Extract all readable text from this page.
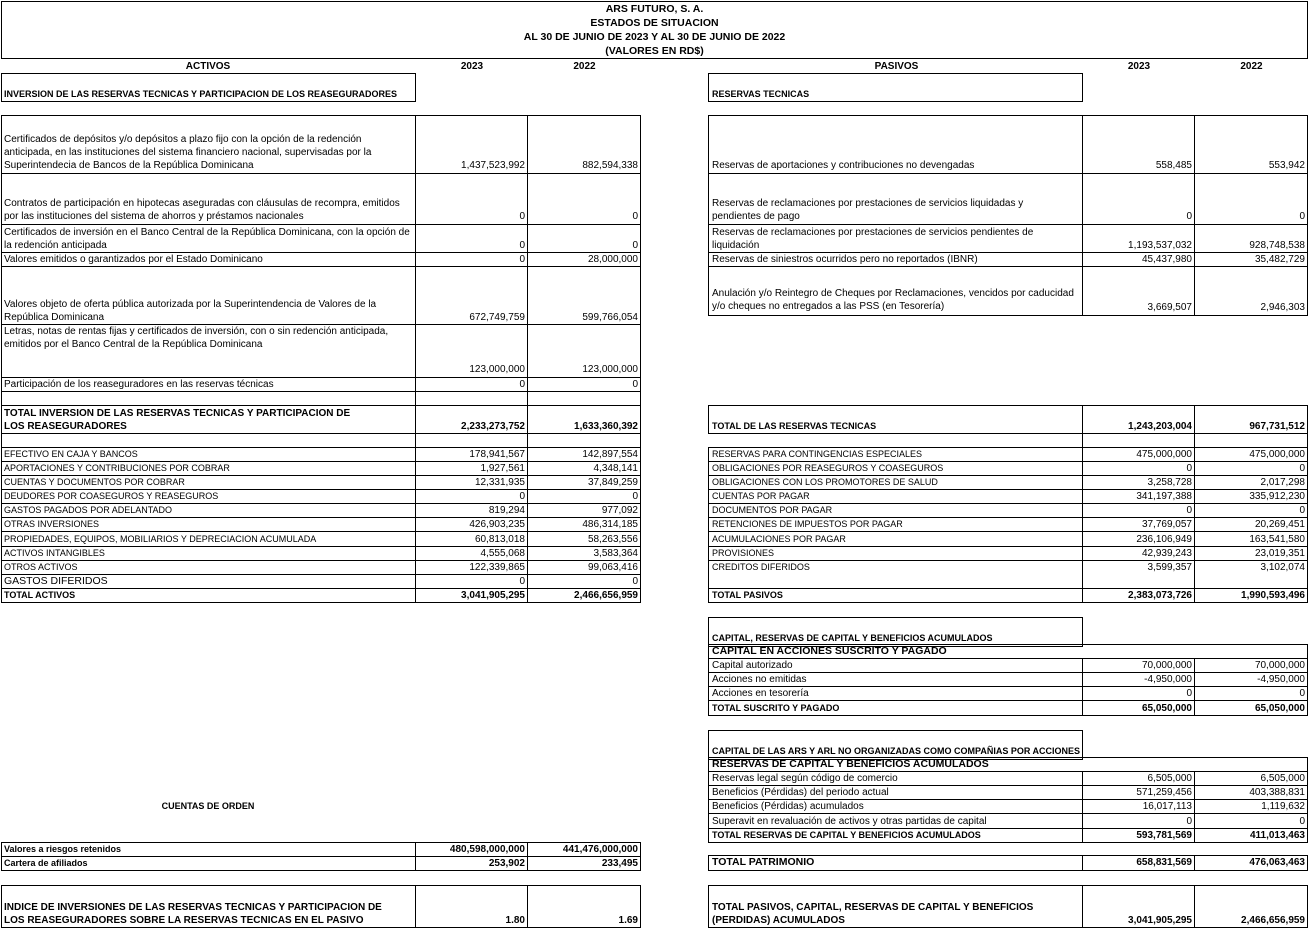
ARS FUTURO, S. A.
ESTADOS DE SITUACION
AL 30 DE JUNIO DE 2023 Y AL 30 DE JUNIO DE 2022
(VALORES EN RD$)
ACTIVOS	2023	2022	PASIVOS	2023	2022
INVERSION DE LAS RESERVAS TECNICAS Y PARTICIPACION DE LOS REASEGURADORES
Certificados de depósitos y/o depósitos a plazo fijo con la opción de la redención anticipada, en las instituciones del sistema financiero nacional, supervisadas por la Superintendecia de Bancos de la República Dominicana	1,437,523,992	882,594,338
Contratos de participación en hipotecas aseguradas con cláusulas de recompra, emitidos por las instituciones del sistema de ahorros y préstamos nacionales	0	0
Certificados de inversión en el Banco Central de la República Dominicana, con la opción de la redención anticipada	0	0
Valores emitidos o garantizados por el Estado Dominicano	0	28,000,000
Valores objeto de oferta pública autorizada por la Superintendencia de Valores de la República Dominicana	672,749,759	599,766,054
Letras, notas de rentas fijas y certificados de inversión, con o sin redención anticipada, emitidos por el Banco Central de la República Dominicana
123,000,000	123,000,000
Participación de los reaseguradores en las reservas técnicas	0	0
TOTAL INVERSION DE LAS RESERVAS TECNICAS Y PARTICIPACION DE LOS REASEGURADORES	2,233,273,752	1,633,360,392
EFECTIVO EN CAJA Y BANCOS	178,941,567	142,897,554
APORTACIONES Y CONTRIBUCIONES POR COBRAR	1,927,561	4,348,141
CUENTAS Y DOCUMENTOS POR COBRAR	12,331,935	37,849,259
DEUDORES POR COASEGUROS Y REASEGUROS	0	0
GASTOS PAGADOS POR ADELANTADO	819,294	977,092
OTRAS INVERSIONES	426,903,235	486,314,185
PROPIEDADES, EQUIPOS, MOBILIARIOS Y DEPRECIACION ACUMULADA	60,813,018	58,263,556
ACTIVOS INTANGIBLES	4,555,068	3,583,364
OTROS ACTIVOS	122,339,865	99,063,416
GASTOS DIFERIDOS	0	0
TOTAL ACTIVOS	3,041,905,295	2,466,656,959
CUENTAS DE ORDEN
Valores a riesgos retenidos	480,598,000,000	441,476,000,000
Cartera de afiliados	253,902	233,495
INDICE DE INVERSIONES DE LAS RESERVAS TECNICAS Y PARTICIPACION DE LOS REASEGURADORES SOBRE LA RESERVAS TECNICAS EN EL PASIVO	1.80	1.69
RESERVAS TECNICAS
Reservas de aportaciones y contribuciones no devengadas	558,485	553,942
Reservas de reclamaciones por prestaciones de servicios liquidadas y pendientes de pago	0	0
Reservas de reclamaciones por prestaciones de servicios pendientes de liquidación	1,193,537,032	928,748,538
Reservas de siniestros ocurridos pero no reportados (IBNR)	45,437,980	35,482,729
Anulación y/o Reintegro de Cheques por Reclamaciones, vencidos por caducidad y/o cheques no entregados a las PSS (en Tesorería)	3,669,507	2,946,303
TOTAL DE LAS RESERVAS TECNICAS	1,243,203,004	967,731,512
RESERVAS PARA CONTINGENCIAS ESPECIALES	475,000,000	475,000,000
OBLIGACIONES POR REASEGUROS Y COASEGUROS	0	0
OBLIGACIONES CON LOS PROMOTORES DE SALUD	3,258,728	2,017,298
CUENTAS POR PAGAR	341,197,388	335,912,230
DOCUMENTOS POR PAGAR	0	0
RETENCIONES DE IMPUESTOS POR PAGAR	37,769,057	20,269,451
ACUMULACIONES POR PAGAR	236,106,949	163,541,580
PROVISIONES	42,939,243	23,019,351
CREDITOS DIFERIDOS	3,599,357	3,102,074
TOTAL PASIVOS	2,383,073,726	1,990,593,496
CAPITAL, RESERVAS DE CAPITAL Y BENEFICIOS ACUMULADOS
CAPITAL EN ACCIONES SUSCRITO Y PAGADO
Capital autorizado	70,000,000	70,000,000
Acciones no emitidas	-4,950,000	-4,950,000
Acciones en tesorería	0	0
TOTAL SUSCRITO Y PAGADO	65,050,000	65,050,000
CAPITAL DE LAS ARS Y ARL NO ORGANIZADAS COMO COMPAÑIAS POR ACCIONES
RESERVAS DE CAPITAL Y BENEFICIOS ACUMULADOS
Reservas legal según código de comercio	6,505,000	6,505,000
Beneficios (Pérdidas) del periodo actual	571,259,456	403,388,831
Beneficios (Pérdidas) acumulados	16,017,113	1,119,632
Superavit en revaluación de activos y otras partidas de capital	0	0
TOTAL RESERVAS DE CAPITAL Y BENEFICIOS ACUMULADOS	593,781,569	411,013,463
TOTAL PATRIMONIO	658,831,569	476,063,463
TOTAL PASIVOS, CAPITAL, RESERVAS DE CAPITAL Y BENEFICIOS (PERDIDAS) ACUMULADOS	3,041,905,295	2,466,656,959
